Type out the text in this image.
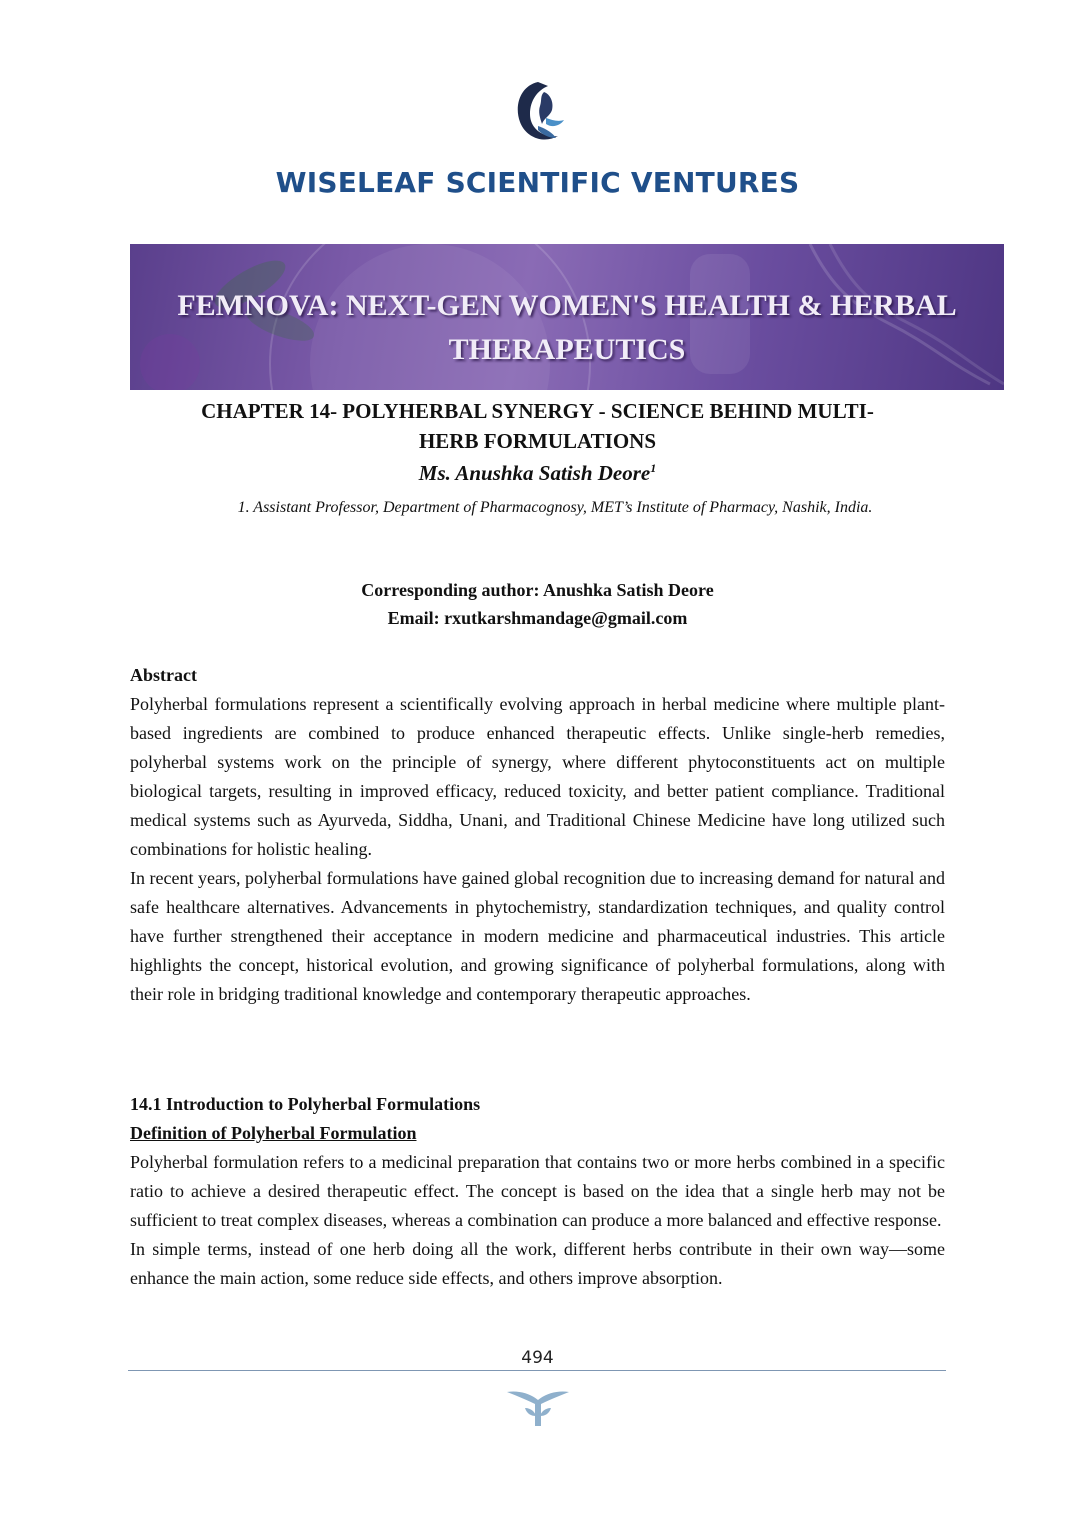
WISELEAF SCIENTIFIC VENTURES
FEMNOVA: NEXT-GEN WOMEN'S HEALTH & HERBAL THERAPEUTICS
CHAPTER 14- POLYHERBAL SYNERGY - SCIENCE BEHIND MULTI-
HERB FORMULATIONS
Ms. Anushka Satish Deore$^1$
1. Assistant Professor, Department of Pharmacognosy, MET’s Institute of Pharmacy, Nashik, India.
Corresponding author: Anushka Satish Deore
Email: rxutkarshmandage@gmail.com

Abstract

Polyherbal formulations represent a scientifically evolving approach in herbal medicine where multiple plant-based ingredients are combined to produce enhanced therapeutic effects. Unlike single-herb remedies, polyherbal systems work on the principle of synergy, where different phytoconstituents act on multiple biological targets, resulting in improved efficacy, reduced toxicity, and better patient compliance. Traditional medical systems such as Ayurveda, Siddha, Unani, and Traditional Chinese Medicine have long utilized such combinations for holistic healing.

In recent years, polyherbal formulations have gained global recognition due to increasing demand for natural and safe healthcare alternatives. Advancements in phytochemistry, standardization techniques, and quality control have further strengthened their acceptance in modern medicine and pharmaceutical industries. This article highlights the concept, historical evolution, and growing significance of polyherbal formulations, along with their role in bridging traditional knowledge and contemporary therapeutic approaches.

14.1 Introduction to Polyherbal Formulations

Definition of Polyherbal Formulation

Polyherbal formulation refers to a medicinal preparation that contains two or more herbs combined in a specific ratio to achieve a desired therapeutic effect. The concept is based on the idea that a single herb may not be sufficient to treat complex diseases, whereas a combination can produce a more balanced and effective response.

In simple terms, instead of one herb doing all the work, different herbs contribute in their own way—some enhance the main action, some reduce side effects, and others improve absorption.

494
